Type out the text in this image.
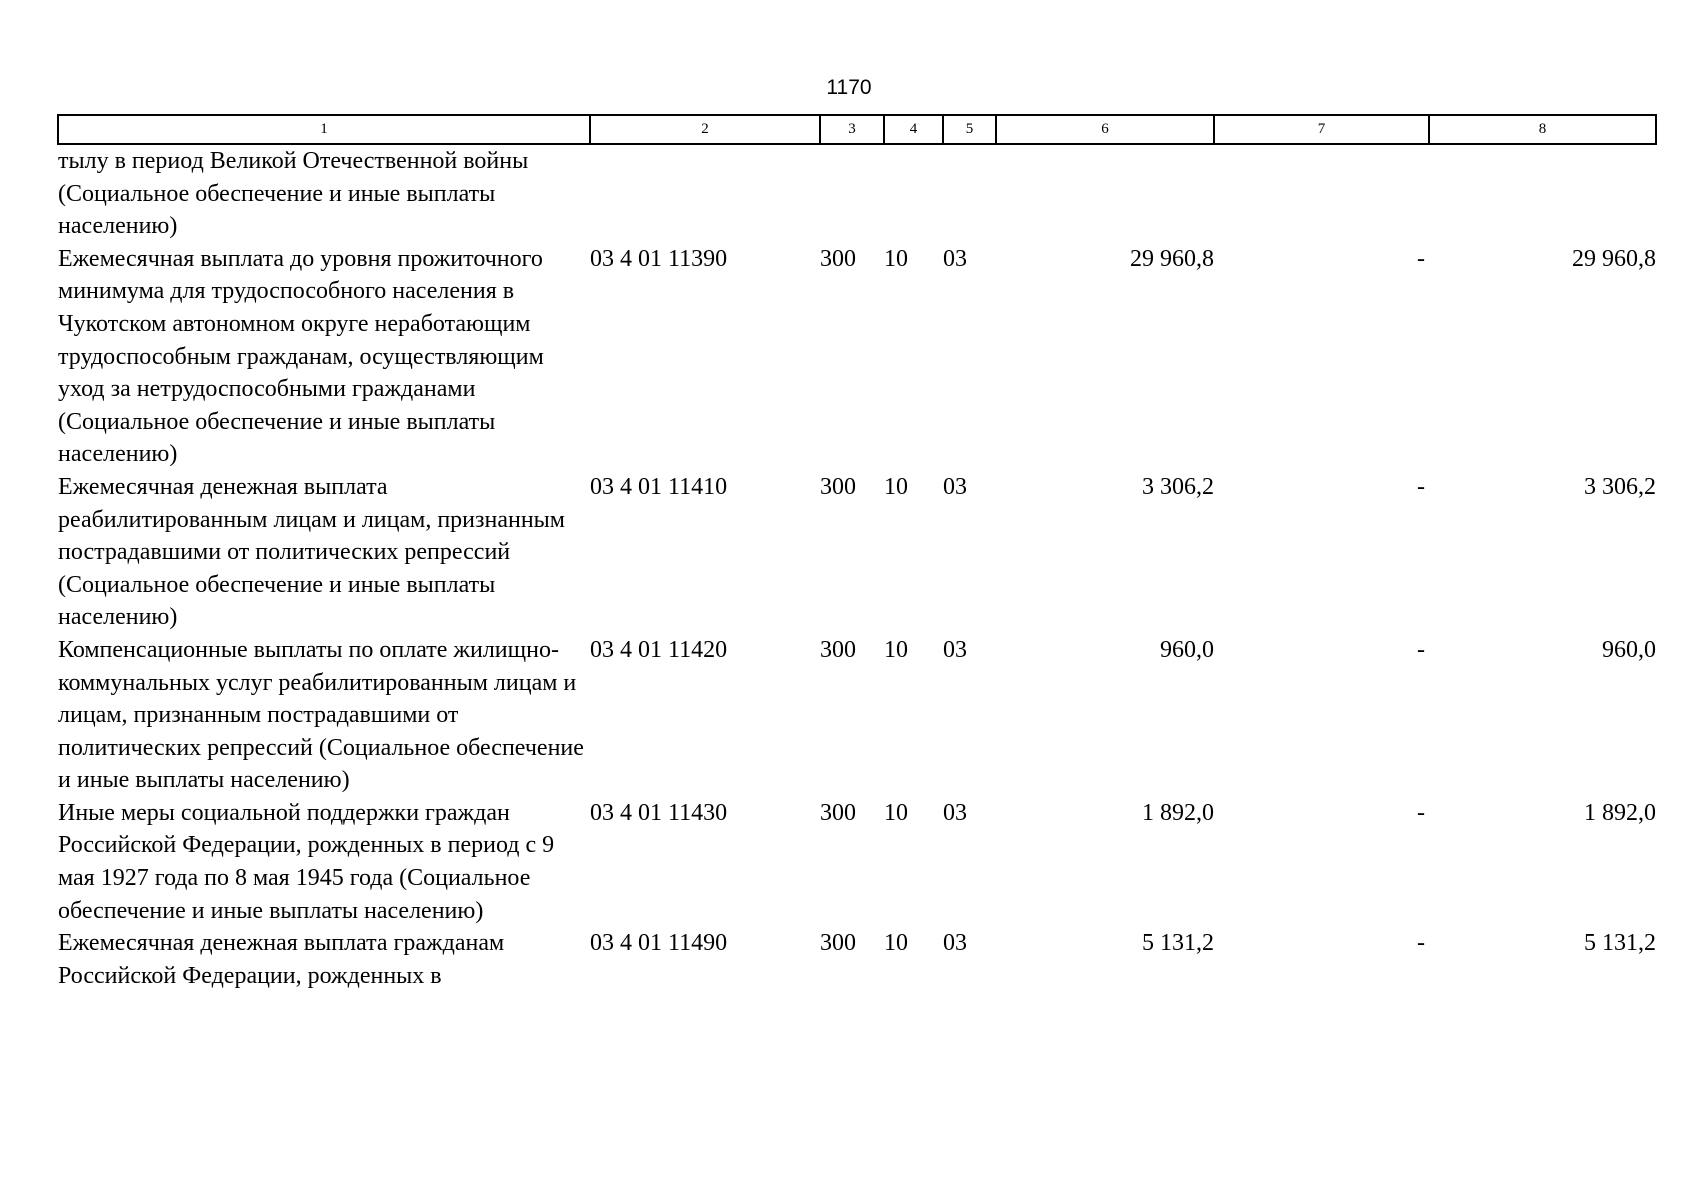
1170
1	2	3	4	5	6	7	8
тылу в период Великой Отечественной войны (Социальное обеспечение и иные выплаты населению)							
Ежемесячная выплата до уровня прожиточного минимума для трудоспособного населения в Чукотском автономном округе неработающим трудоспособным гражданам, осуществляющим уход за нетрудоспособными гражданами (Социальное обеспечение и иные выплаты населению)	03 4 01 11390	300	10	03	29 960,8	-	29 960,8
Ежемесячная денежная выплата реабилитированным лицам и лицам, признанным пострадавшими от политических репрессий (Социальное обеспечение и иные выплаты населению)	03 4 01 11410	300	10	03	3 306,2	-	3 306,2
Компенсационные выплаты по оплате жилищно-коммунальных услуг реабилитированным лицам и лицам, признанным пострадавшими от политических репрессий (Социальное обеспечение и иные выплаты населению)	03 4 01 11420	300	10	03	960,0	-	960,0
Иные меры социальной поддержки граждан Российской Федерации, рожденных в период с 9 мая 1927 года по 8 мая 1945 года (Социальное обеспечение и иные выплаты населению)	03 4 01 11430	300	10	03	1 892,0	-	1 892,0
Ежемесячная денежная выплата гражданам Российской Федерации, рожденных в	03 4 01 11490	300	10	03	5 131,2	-	5 131,2
